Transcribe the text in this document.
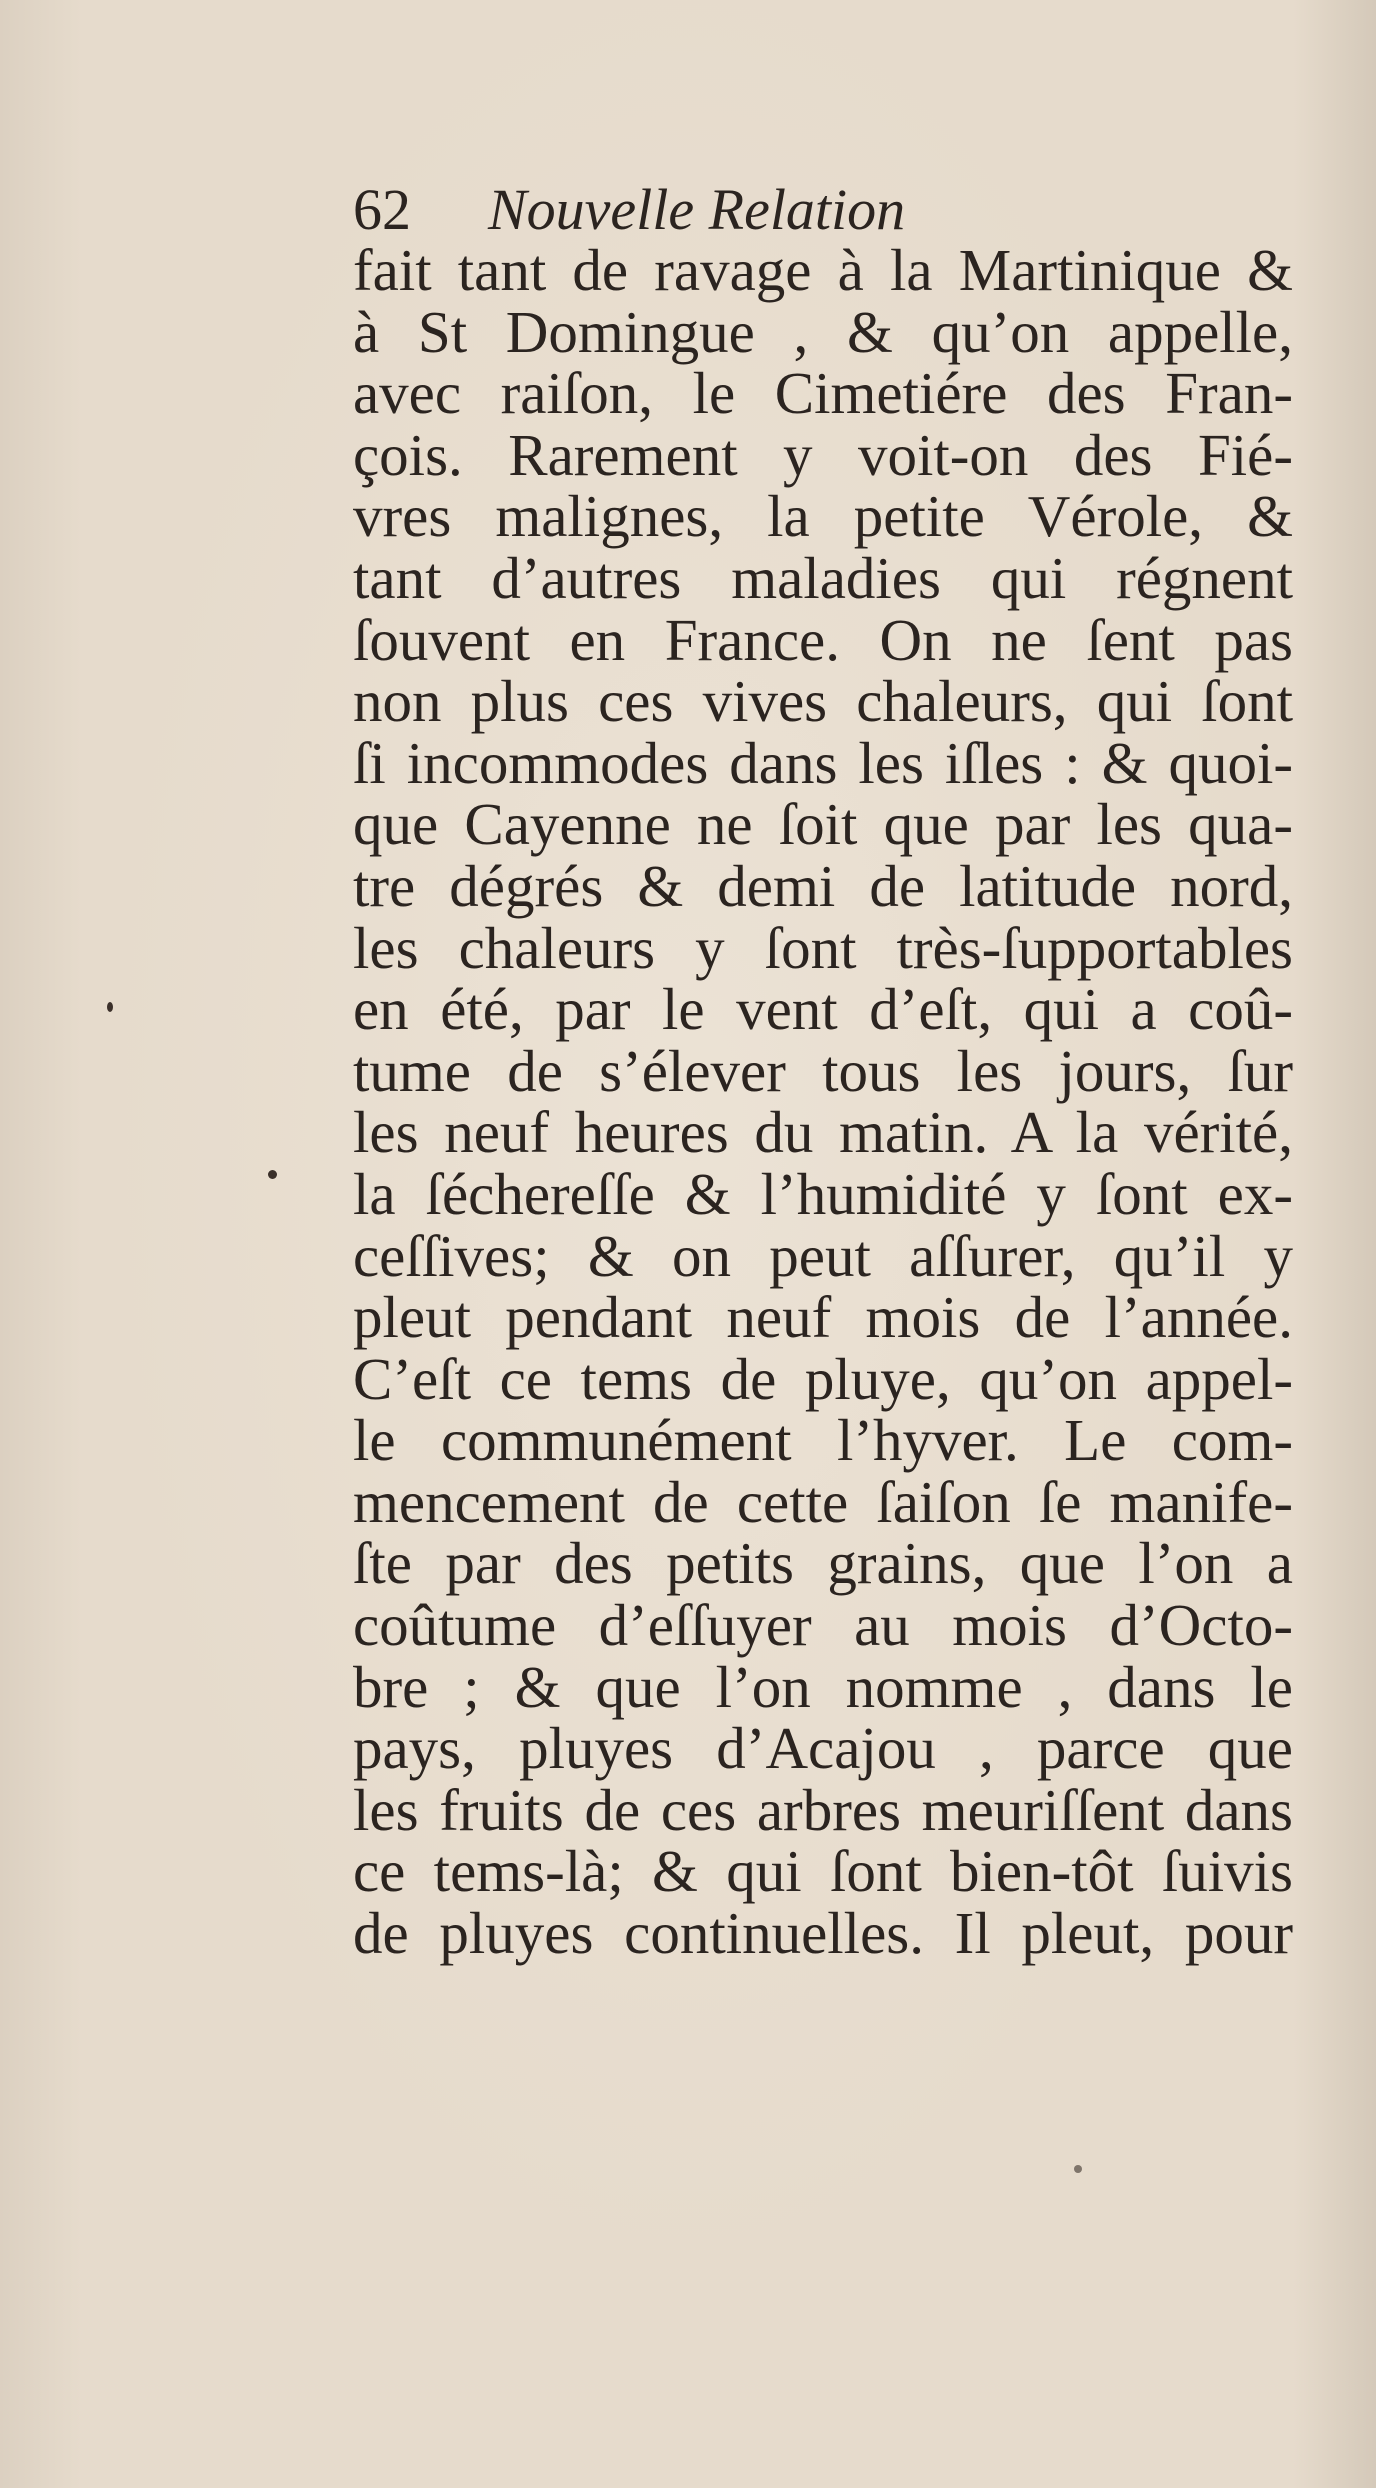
62 Nouvelle Relation
fait tant de ravage à la Martinique &
à St Domingue , & qu’on appelle,
avec raiſon, le Cimetiére des Fran-
çois. Rarement y voit-on des Fié-
vres malignes, la petite Vérole, &
tant d’autres maladies qui régnent
ſouvent en France. On ne ſent pas
non plus ces vives chaleurs, qui ſont
ſi incommodes dans les iſles : & quoi-
que Cayenne ne ſoit que par les qua-
tre dégrés & demi de latitude nord,
les chaleurs y ſont très-ſupportables
en été, par le vent d’eſt, qui a coû-
tume de s’élever tous les jours, ſur
les neuf heures du matin. A la vérité,
la ſéchereſſe & l’humidité y ſont ex-
ceſſives; & on peut aſſurer, qu’il y
pleut pendant neuf mois de l’année.
C’eſt ce tems de pluye, qu’on appel-
le communément l’hyver. Le com-
mencement de cette ſaiſon ſe manife-
ſte par des petits grains, que l’on a
coûtume d’eſſuyer au mois d’Octo-
bre ; & que l’on nomme , dans le
pays, pluyes d’Acajou , parce que
les fruits de ces arbres meuriſſent dans
ce tems-là; & qui ſont bien-tôt ſuivis
de pluyes continuelles. Il pleut, pour
